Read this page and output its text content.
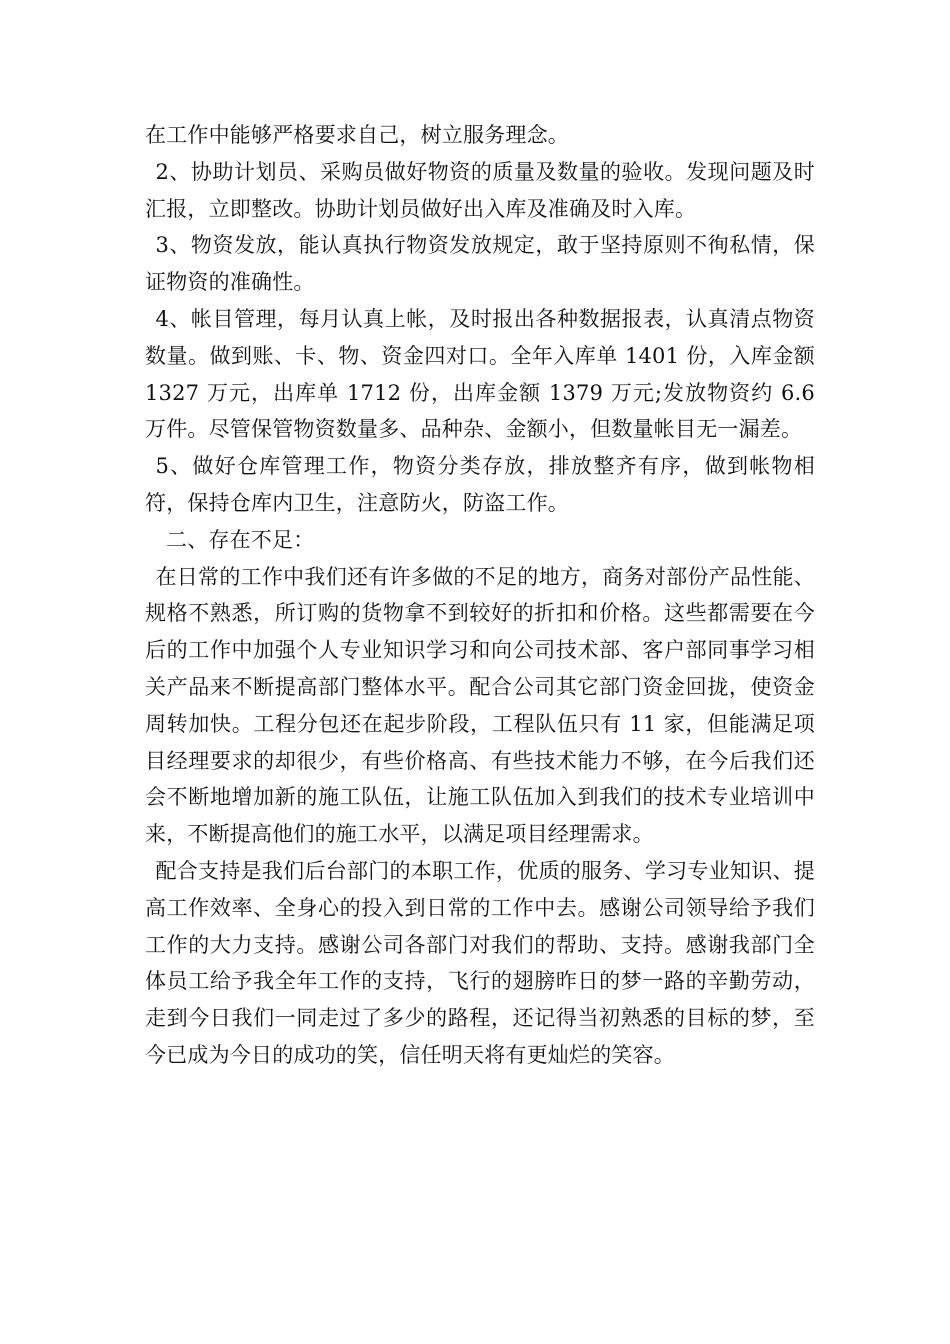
在工作中能够严格要求自己，树立服务理念。

2、协助计划员、采购员做好物资的质量及数量的验收。发现问题及时汇报，立即整改。协助计划员做好出入库及准确及时入库。

3、物资发放，能认真执行物资发放规定，敢于坚持原则不徇私情，保证物资的准确性。

4、帐目管理，每月认真上帐，及时报出各种数据报表，认真清点物资数量。做到账、卡、物、资金四对口。全年入库单 1401 份，入库金额 1327 万元，出库单 1712 份，出库金额 1379 万元;发放物资约 6.6 万件。尽管保管物资数量多、品种杂、金额小，但数量帐目无一漏差。

5、做好仓库管理工作，物资分类存放，排放整齐有序，做到帐物相符，保持仓库内卫生，注意防火，防盗工作。

二、存在不足：

在日常的工作中我们还有许多做的不足的地方，商务对部份产品性能、规格不熟悉，所订购的货物拿不到较好的折扣和价格。这些都需要在今后的工作中加强个人专业知识学习和向公司技术部、客户部同事学习相关产品来不断提高部门整体水平。配合公司其它部门资金回拢，使资金周转加快。工程分包还在起步阶段，工程队伍只有 11 家，但能满足项目经理要求的却很少，有些价格高、有些技术能力不够，在今后我们还会不断地增加新的施工队伍，让施工队伍加入到我们的技术专业培训中来，不断提高他们的施工水平，以满足项目经理需求。

配合支持是我们后台部门的本职工作，优质的服务、学习专业知识、提高工作效率、全身心的投入到日常的工作中去。感谢公司领导给予我们工作的大力支持。感谢公司各部门对我们的帮助、支持。感谢我部门全体员工给予我全年工作的支持，飞行的翅膀昨日的梦一路的辛勤劳动，走到今日我们一同走过了多少的路程，还记得当初熟悉的目标的梦，至今已成为今日的成功的笑，信任明天将有更灿烂的笑容。
